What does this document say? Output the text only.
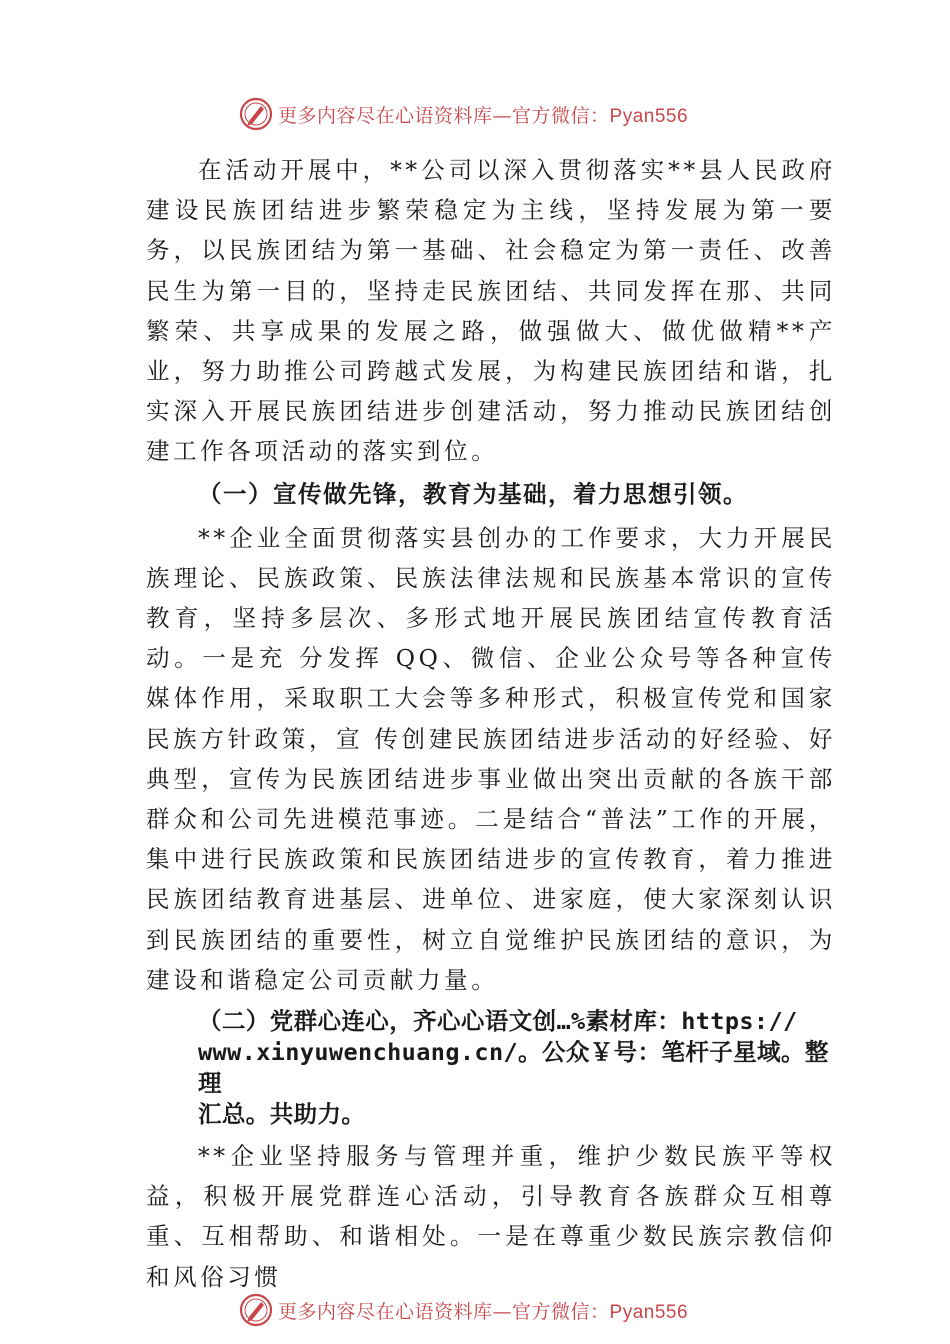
更多内容尽在心语资料库—官方微信：Pyan556

在活动开展中，**公司以深入贯彻落实**县人民政府建设民族团结进步繁荣稳定为主线，坚持发展为第一要务，以民族团结为第一基础、社会稳定为第一责任、改善民生为第一目的，坚持走民族团结、共同发挥在那、共同繁荣、共享成果的发展之路，做强做大、做优做精**产业，努力助推公司跨越式发展，为构建民族团结和谐，扎实深入开展民族团结进步创建活动，努力推动民族团结创建工作各项活动的落实到位。

（一）宣传做先锋，教育为基础，着力思想引领。

**企业全面贯彻落实县创办的工作要求，大力开展民族理论、民族政策、民族法律法规和民族基本常识的宣传教育，坚持多层次、多形式地开展民族团结宣传教育活动。一是充 分发挥 QQ、微信、企业公众号等各种宣传媒体作用，采取职工大会等多种形式，积极宣传党和国家民族方针政策，宣 传创建民族团结进步活动的好经验、好典型，宣传为民族团结进步事业做出突出贡献的各族干部群众和公司先进模范事迹。二是结合“普法”工作的开展，集中进行民族政策和民族团结进步的宣传教育，着力推进民族团结教育进基层、进单位、进家庭，使大家深刻认识到民族团结的重要性，树立自觉维护民族团结的意识，为建设和谐稳定公司贡献力量。

（二）党群心连心，齐心心语文创…%素材库：https://

www.xinyuwenchuang.cn/。公众￥号：笔杆子星域。整理

汇总。共助力。

**企业坚持服务与管理并重，维护少数民族平等权益，积极开展党群连心活动，引导教育各族群众互相尊重、互相帮助、和谐相处。一是在尊重少数民族宗教信仰和风俗习惯

更多内容尽在心语资料库—官方微信：Pyan556
